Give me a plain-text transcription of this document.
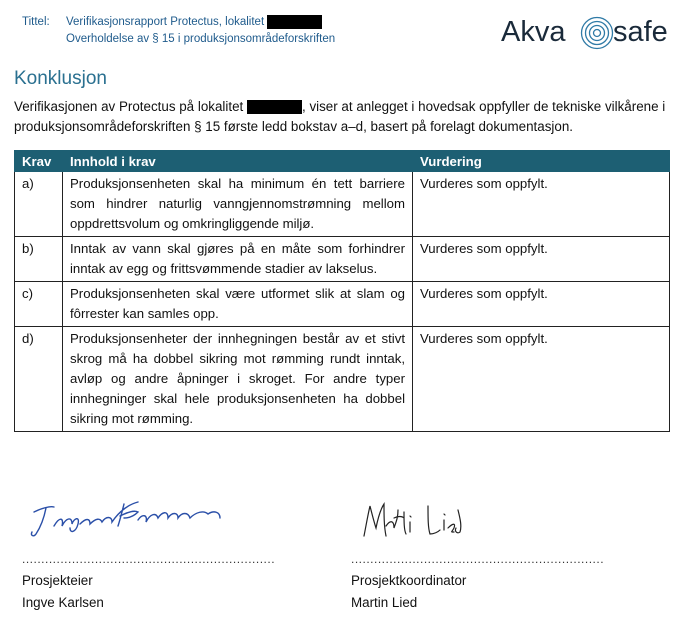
Tittel: Verifikasjonsrapport Protectus, lokalitet
Overholdelse av § 15 i produksjonsområdeforskriften	Akva safe
Konklusjon
Verifikasjonen av Protectus på lokalitet	, viser at anlegget i hovedsak oppfyller de tekniske vilkårene i produksjonsområdeforskriften § 15 første ledd bokstav a–d, basert på forelagt dokumentasjon.
Krav	Innhold i krav	Vurdering
a)	Produksjonsenheten skal ha minimum én tett barriere som hindrer naturlig vanngjennomstrømning mellom oppdrettsvolum og omkringliggende miljø.	Vurderes som oppfylt.
b)	Inntak av vann skal gjøres på en måte som forhindrer inntak av egg og frittsvømmende stadier av lakselus.	Vurderes som oppfylt.
c)	Produksjonsenheten skal være utformet slik at slam og fôrrester kan samles opp.	Vurderes som oppfylt.
d)	Produksjonsenheter der innhegningen består av et stivt skrog må ha dobbel sikring mot rømming rundt inntak, avløp og andre åpninger i skroget. For andre typer innhegninger skal hele produksjonsenheten ha dobbel sikring mot rømming.	Vurderes som oppfylt.
..................................................................
Prosjekteier
Ingve Karlsen
..................................................................
Prosjektkoordinator
Martin Lied
